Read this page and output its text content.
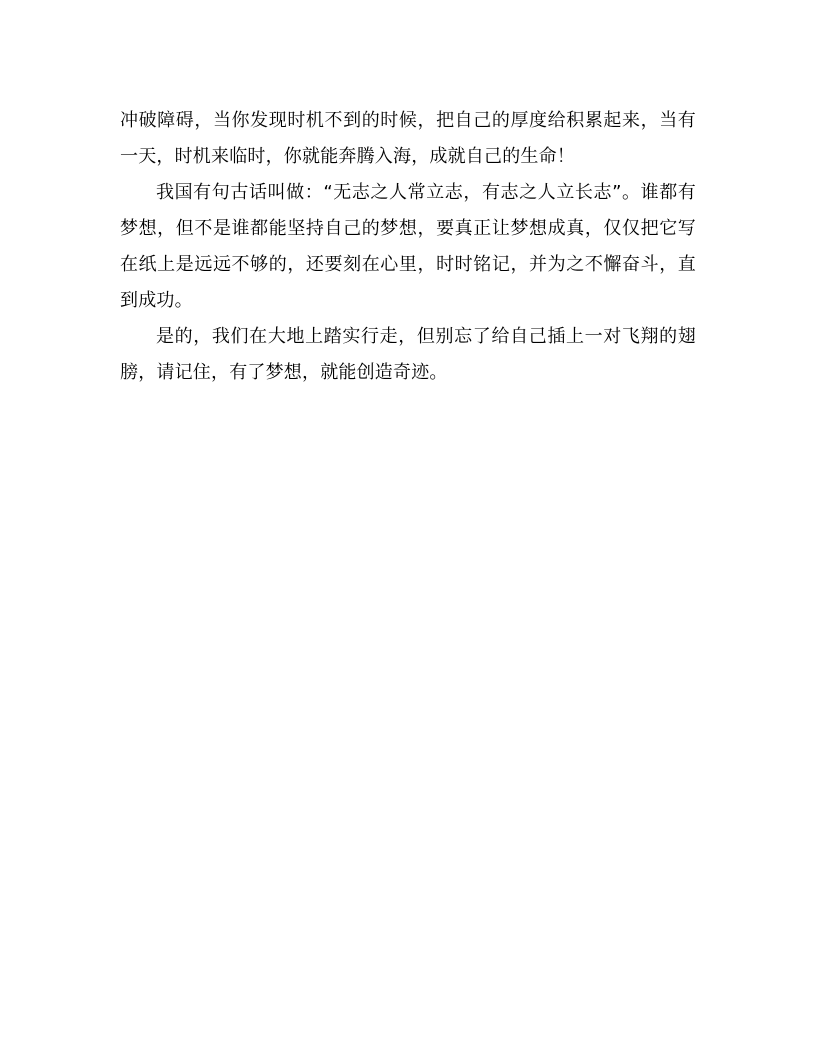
冲破障碍，当你发现时机不到的时候，把自己的厚度给积累起来，当有一天，时机来临时，你就能奔腾入海，成就自己的生命！

我国有句古话叫做：“无志之人常立志，有志之人立长志”。谁都有梦想，但不是谁都能坚持自己的梦想，要真正让梦想成真，仅仅把它写在纸上是远远不够的，还要刻在心里，时时铭记，并为之不懈奋斗，直到成功。

是的，我们在大地上踏实行走，但别忘了给自己插上一对飞翔的翅膀，请记住，有了梦想，就能创造奇迹。
